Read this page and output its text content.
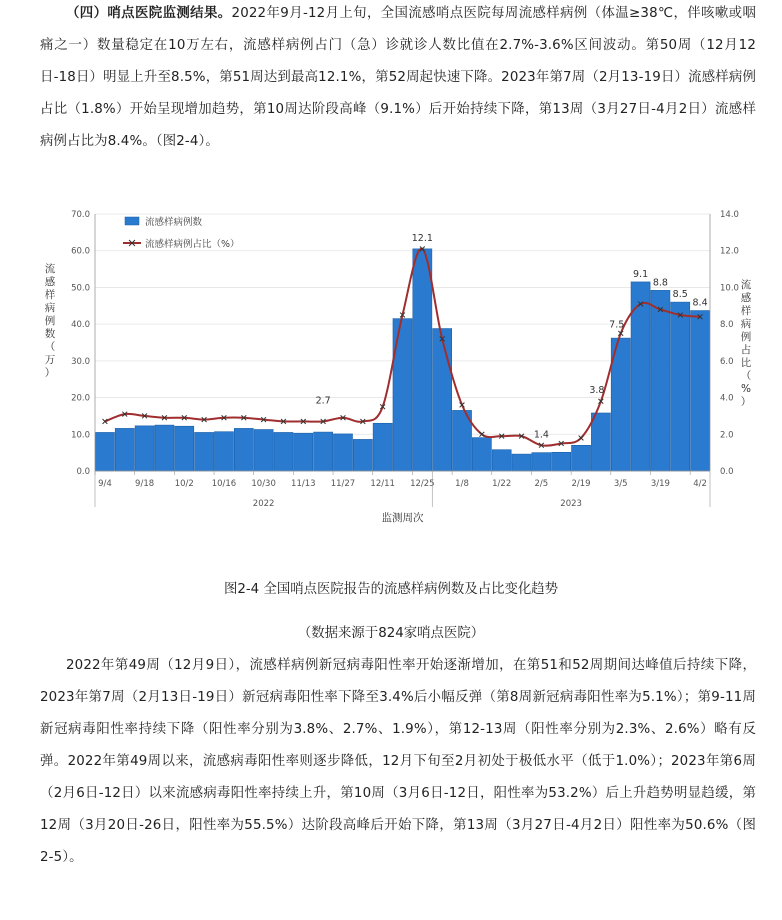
（四）哨点医院监测结果。2022年9月-12月上旬，全国流感哨点医院每周流感样病例（体温≥38℃，伴咳嗽或咽痛之一）数量稳定在10万左右，流感样病例占门（急）诊就诊人数比值在2.7%-3.6%区间波动。第50周（12月12日-18日）明显上升至8.5%，第51周达到最高12.1%，第52周起快速下降。2023年第7周（2月13-19日）流感样病例占比（1.8%）开始呈现增加趋势，第10周达阶段高峰（9.1%）后开始持续下降，第13周（3月27日-4月2日）流感样病例占比为8.4%。（图2-4）。
0.0	0.0
10.0	2.0
20.0	4.0
30.0	6.0
40.0	8.0
50.0	10.0
60.0	12.0
70.0	14.0
9/4	9/18 10/2 10/16 10/30 11/13 11/27 12/11 12/25 1/8	1/22	2/5	2/19	3/5	3/19	4/2
2022	2023
监测周次
流感样病例数（万）
流感样病例占比（%）
2.7
12.1
1.4
3.8
7.5
9.1
8.8
8.5
8.4
流感样病例数
流感样病例占比（%）
图2-4 全国哨点医院报告的流感样病例数及占比变化趋势
（数据来源于824家哨点医院）
2022年第49周（12月9日），流感样病例新冠病毒阳性率开始逐渐增加，在第51和52周期间达峰值后持续下降，2023年第7周（2月13日-19日）新冠病毒阳性率下降至3.4%后小幅反弹（第8周新冠病毒阳性率为5.1%）；第9-11周新冠病毒阳性率持续下降（阳性率分别为3.8%、2.7%、1.9%），第12-13周（阳性率分别为2.3%、2.6%）略有反弹。2022年第49周以来，流感病毒阳性率则逐步降低，12月下旬至2月初处于极低水平（低于1.0%）；2023年第6周（2月6日-12日）以来流感病毒阳性率持续上升，第10周（3月6日-12日，阳性率为53.2%）后上升趋势明显趋缓，第12周（3月20日-26日，阳性率为55.5%）达阶段高峰后开始下降，第13周（3月27日-4月2日）阳性率为50.6%（图2-5）。
